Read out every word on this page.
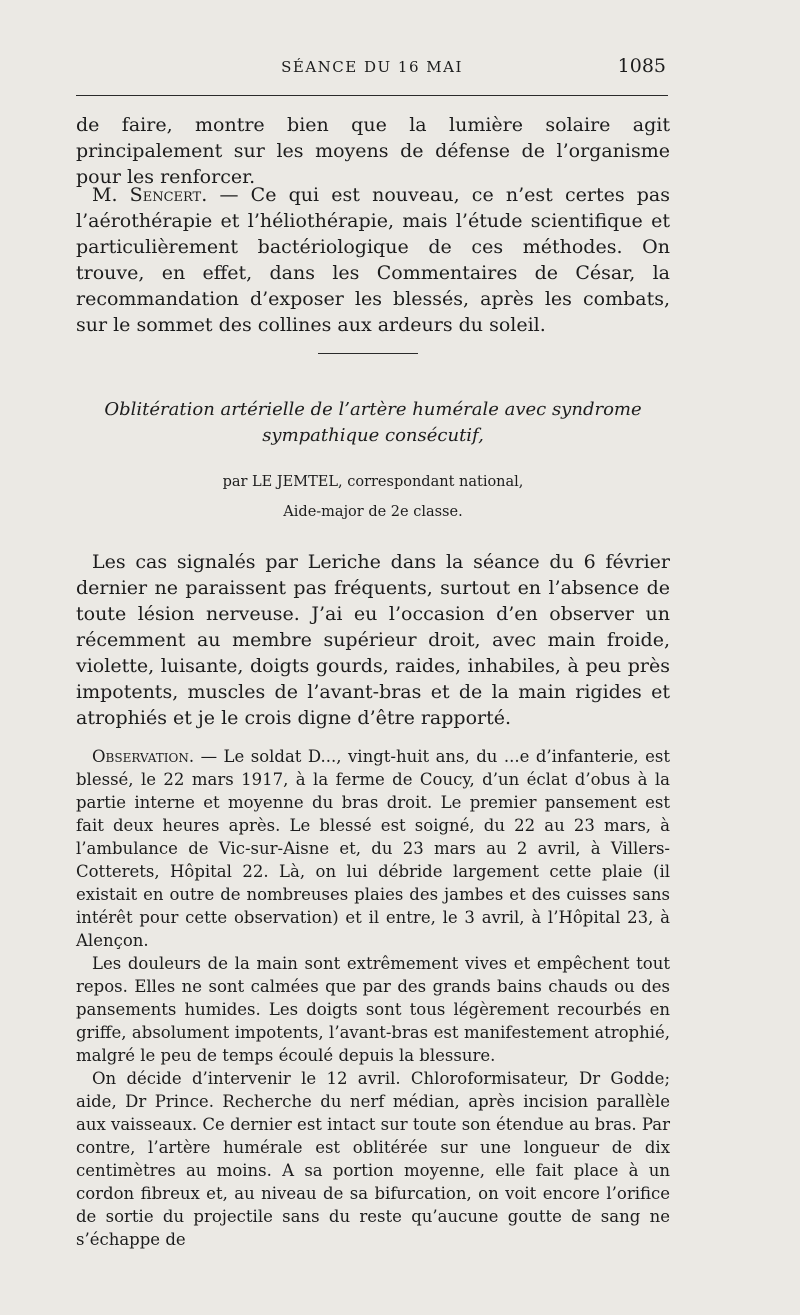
SÉANCE DU 16 MAI	1085

de faire, montre bien que la lumière solaire agit principalement sur les moyens de défense de l’organisme pour les renforcer.

M. Sencert. — Ce qui est nouveau, ce n’est certes pas l’aérothérapie et l’héliothérapie, mais l’étude scientifique et particulièrement bactériologique de ces méthodes. On trouve, en effet, dans les Commentaires de César, la recommandation d’exposer les blessés, après les combats, sur le sommet des collines aux ardeurs du soleil.

Oblitération artérielle de l’artère humérale avec syndrome
sympathique consécutif,
par LE JEMTEL, correspondant national,
Aide-major de 2e classe.

Les cas signalés par Leriche dans la séance du 6 février dernier ne paraissent pas fréquents, surtout en l’absence de toute lésion nerveuse. J’ai eu l’occasion d’en observer un récemment au membre supérieur droit, avec main froide, violette, luisante, doigts gourds, raides, inhabiles, à peu près impotents, muscles de l’avant-bras et de la main rigides et atrophiés et je le crois digne d’être rapporté.

Observation. — Le soldat D..., vingt-huit ans, du ...e d’infanterie, est blessé, le 22 mars 1917, à la ferme de Coucy, d’un éclat d’obus à la partie interne et moyenne du bras droit. Le premier pansement est fait deux heures après. Le blessé est soigné, du 22 au 23 mars, à l’ambulance de Vic-sur-Aisne et, du 23 mars au 2 avril, à Villers-Cotterets, Hôpital 22. Là, on lui débride largement cette plaie (il existait en outre de nombreuses plaies des jambes et des cuisses sans intérêt pour cette observation) et il entre, le 3 avril, à l’Hôpital 23, à Alençon.

Les douleurs de la main sont extrêmement vives et empêchent tout repos. Elles ne sont calmées que par des grands bains chauds ou des pansements humides. Les doigts sont tous légèrement recourbés en griffe, absolument impotents, l’avant-bras est manifestement atrophié, malgré le peu de temps écoulé depuis la blessure.

On décide d’intervenir le 12 avril. Chloroformisateur, Dr Godde; aide, Dr Prince. Recherche du nerf médian, après incision parallèle aux vaisseaux. Ce dernier est intact sur toute son étendue au bras. Par contre, l’artère humérale est oblitérée sur une longueur de dix centimètres au moins. A sa portion moyenne, elle fait place à un cordon fibreux et, au niveau de sa bifurcation, on voit encore l’orifice de sortie du projectile sans du reste qu’aucune goutte de sang ne s’échappe de
